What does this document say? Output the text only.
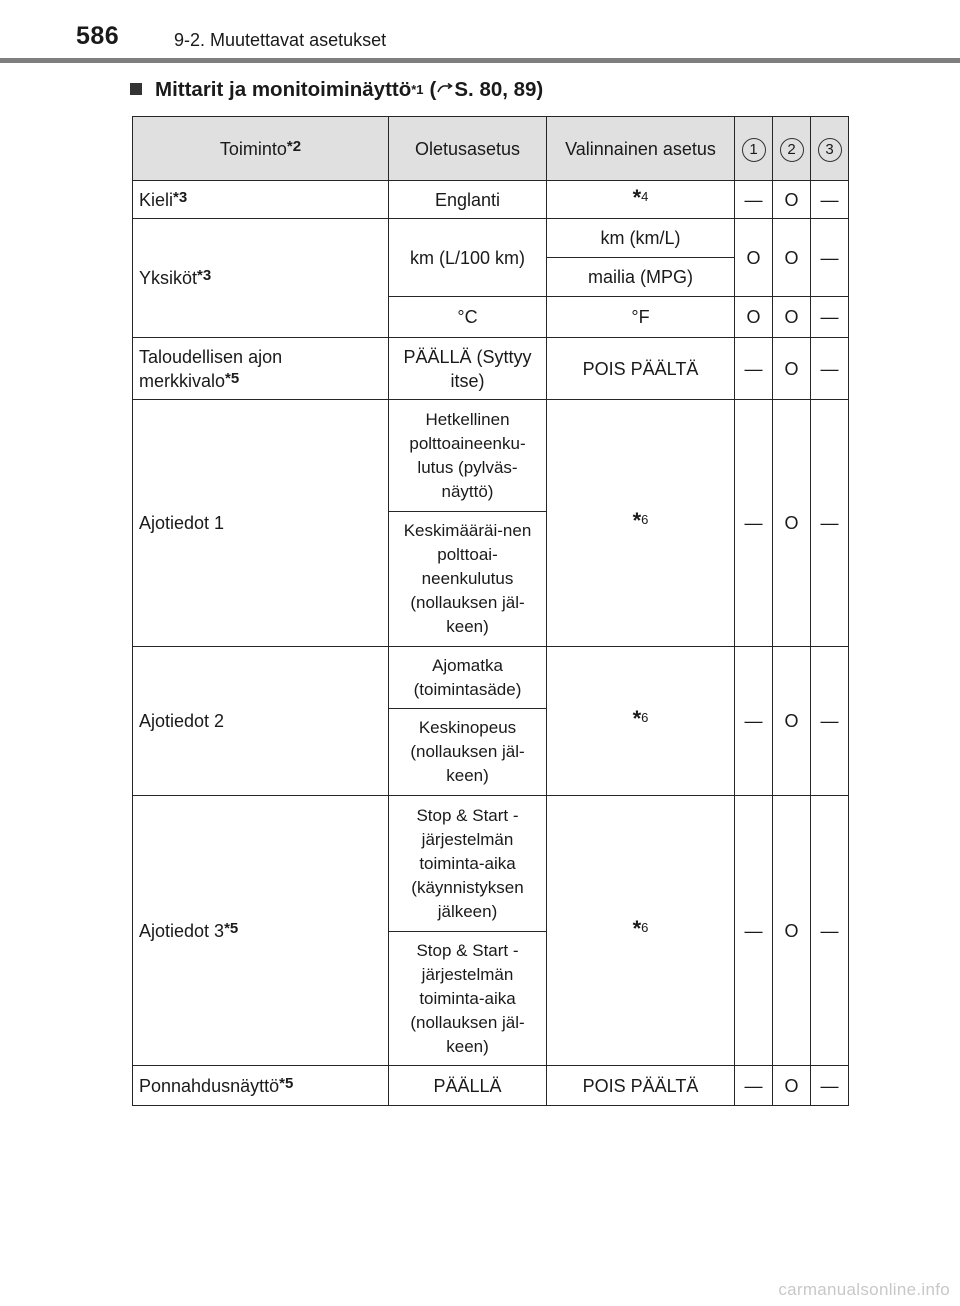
586	9-2. Muutettavat asetukset
Mittarit ja monitoiminäyttö$^{*1}$ ( S. 80, 89)
Toiminto$^{*2}$	Oletusasetus	Valinnainen asetus	1	2	3
Kieli$^{*3}$	Englanti	*$^4$	—	O	—
Yksiköt$^{*3}$	km (L/100 km)	km (km/L)	O	O	—
		mailia (MPG)			
	°C	°F	O	O	—
Taloudellisen ajon merkkivalo$^{*5}$	PÄÄLLÄ (Syttyy itse)	POIS PÄÄLTÄ	—	O	—
Ajotiedot 1	Hetkellinen polttoaineenku-lutus (pylväs-näyttö)	*$^6$	—	O	—
	Keskimääräi-nen polttoai-neenkulutus (nollauksen jäl-keen)				
Ajotiedot 2	Ajomatka (toimintasäde)	*$^6$	—	O	—
	Keskinopeus (nollauksen jäl-keen)				
Ajotiedot 3$^{*5}$	Stop & Start -järjestelmän toiminta-aika (käynnistyksen jälkeen)	*$^6$	—	O	—
	Stop & Start -järjestelmän toiminta-aika (nollauksen jäl-keen)				
Ponnahdusnäyttö$^{*5}$	PÄÄLLÄ	POIS PÄÄLTÄ	—	O	—
carmanualsonline.info
